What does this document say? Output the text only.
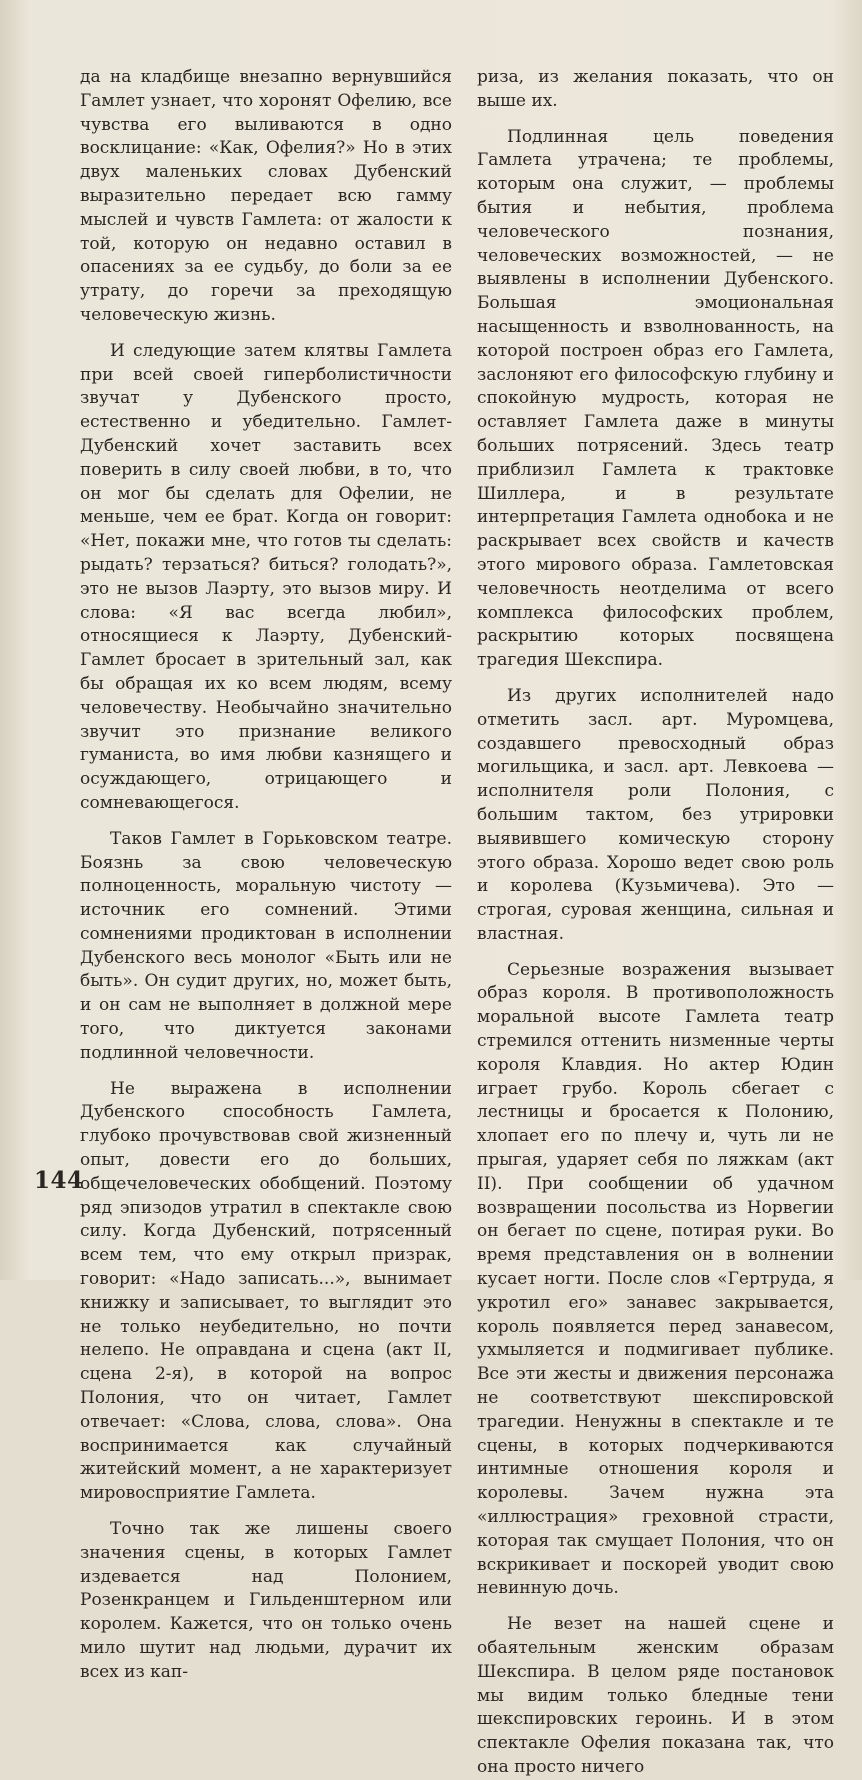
да на кладбище внезапно вернувшийся Гамлет узнает, что хоронят Офелию, все чувства его выливаются в одно восклицание: «Как, Офелия?» Но в этих двух маленьких словах Дубенский выразительно передает всю гамму мыслей и чувств Гамлета: от жалости к той, которую он недавно оставил в опасениях за ее судьбу, до боли за ее утрату, до горечи за преходящую человеческую жизнь.

И следующие затем клятвы Гамлета при всей своей гиперболистичности звучат у Дубенского просто, естественно и убедительно. Гамлет-Дубенский хочет заставить всех поверить в силу своей любви, в то, что он мог бы сделать для Офелии, не меньше, чем ее брат. Когда он говорит: «Нет, покажи мне, что готов ты сделать: рыдать? терзаться? биться? голодать?», это не вызов Лаэрту, это вызов миру. И слова: «Я вас всегда любил», относящиеся к Лаэрту, Дубенский-Гамлет бросает в зрительный зал, как бы обращая их ко всем людям, всему человечеству. Необычайно значительно звучит это признание великого гуманиста, во имя любви казнящего и осуждающего, отрицающего и сомневающегося.

Таков Гамлет в Горьковском театре. Боязнь за свою человеческую полноценность, моральную чистоту — источник его сомнений. Этими сомнениями продиктован в исполнении Дубенского весь монолог «Быть или не быть». Он судит других, но, может быть, и он сам не выполняет в должной мере того, что диктуется законами подлинной человечности.

Не выражена в исполнении Дубенского способность Гамлета, глубоко прочувствовав свой жизненный опыт, довести его до больших, общечеловеческих обобщений. Поэтому ряд эпизодов утратил в спектакле свою силу. Когда Дубенский, потрясенный всем тем, что ему открыл призрак, говорит: «Надо записать...», вынимает книжку и записывает, то выглядит это не только неубедительно, но почти нелепо. Не оправдана и сцена (акт II, сцена 2-я), в которой на вопрос Полония, что он читает, Гамлет отвечает: «Слова, слова, слова». Она воспринимается как случайный житейский момент, а не характеризует мировосприятие Гамлета.

Точно так же лишены своего значения сцены, в которых Гамлет издевается над Полонием, Розенкранцем и Гильденштерном или королем. Кажется, что он только очень мило шутит над людьми, дурачит их всех из кап-

риза, из желания показать, что он выше их.

Подлинная цель поведения Гамлета утрачена; те проблемы, которым она служит, — проблемы бытия и небытия, проблема человеческого познания, человеческих возможностей, — не выявлены в исполнении Дубенского. Большая эмоциональная насыщенность и взволнованность, на которой построен образ его Гамлета, заслоняют его философскую глубину и спокойную мудрость, которая не оставляет Гамлета даже в минуты больших потрясений. Здесь театр приблизил Гамлета к трактовке Шиллера, и в результате интерпретация Гамлета однобока и не раскрывает всех свойств и качеств этого мирового образа. Гамлетовская человечность неотделима от всего комплекса философских проблем, раскрытию которых посвящена трагедия Шекспира.

Из других исполнителей надо отметить засл. арт. Муромцева, создавшего превосходный образ могильщика, и засл. арт. Левкоева — исполнителя роли Полония, с большим тактом, без утрировки выявившего комическую сторону этого образа. Хорошо ведет свою роль и королева (Кузьмичева). Это — строгая, суровая женщина, сильная и властная.

Серьезные возражения вызывает образ короля. В противоположность моральной высоте Гамлета театр стремился оттенить низменные черты короля Клавдия. Но актер Юдин играет грубо. Король сбегает с лестницы и бросается к Полонию, хлопает его по плечу и, чуть ли не прыгая, ударяет себя по ляжкам (акт II). При сообщении об удачном возвращении посольства из Норвегии он бегает по сцене, потирая руки. Во время представления он в волнении кусает ногти. После слов «Гертруда, я укротил его» занавес закрывается, король появляется перед занавесом, ухмыляется и подмигивает публике. Все эти жесты и движения персонажа не соответствуют шекспировской трагедии. Ненужны в спектакле и те сцены, в которых подчеркиваются интимные отношения короля и королевы. Зачем нужна эта «иллюстрация» греховной страсти, которая так смущает Полония, что он вскрикивает и поскорей уводит свою невинную дочь.

Не везет на нашей сцене и обаятельным женским образам Шекспира. В целом ряде постановок мы видим только бледные тени шекспировских героинь. И в этом спектакле Офелия показана так, что она просто ничего

144
